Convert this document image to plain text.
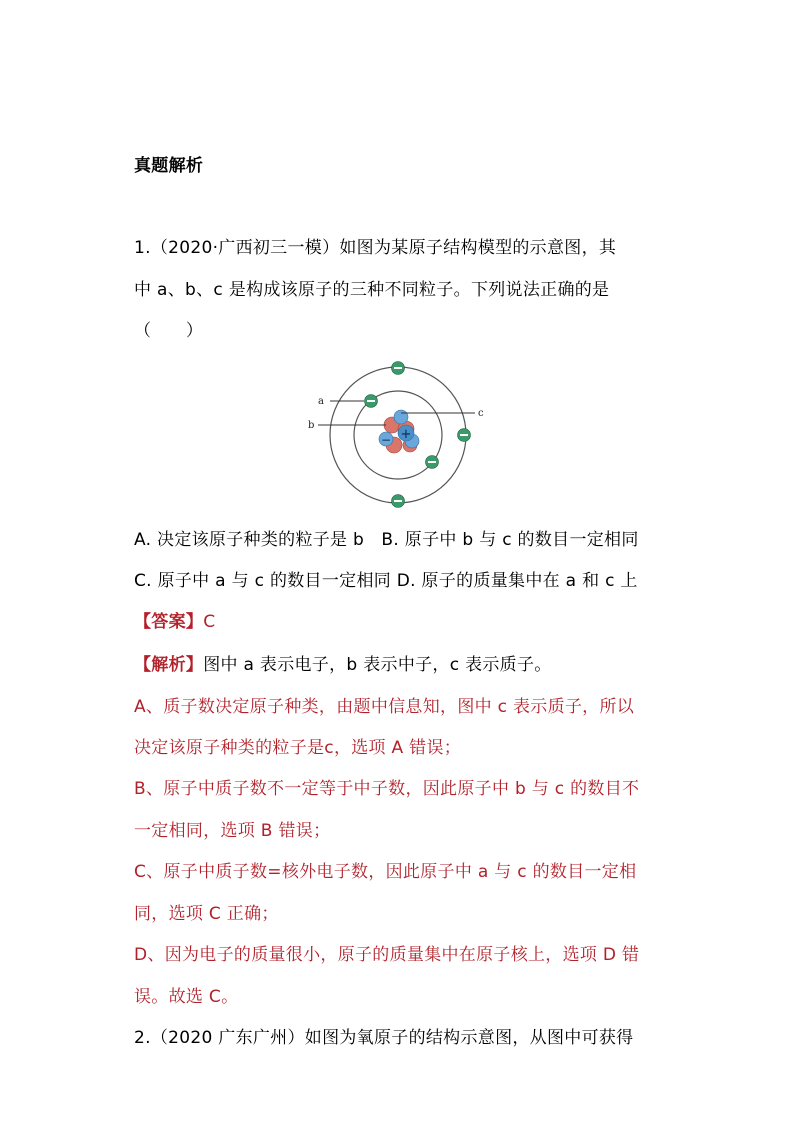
真题解析
1.（2020·广西初三一模）如图为某原子结构模型的示意图，其
中 a、b、c 是构成该原子的三种不同粒子。下列说法正确的是
（　　）
+
−
a
b
c
A. 决定该原子种类的粒子是 b　B. 原子中 b 与 c 的数目一定相同
C. 原子中 a 与 c 的数目一定相同 D. 原子的质量集中在 a 和 c 上
【答案】C
【解析】图中 a 表示电子，b 表示中子，c 表示质子。
A、质子数决定原子种类，由题中信息知，图中 c 表示质子，所以
决定该原子种类的粒子是c，选项 A 错误；
B、原子中质子数不一定等于中子数，因此原子中 b 与 c 的数目不
一定相同，选项 B 错误；
C、原子中质子数=核外电子数，因此原子中 a 与 c 的数目一定相
同，选项 C 正确；
D、因为电子的质量很小，原子的质量集中在原子核上，选项 D 错
误。故选 C。
2.（2020 广东广州）如图为氧原子的结构示意图，从图中可获得
